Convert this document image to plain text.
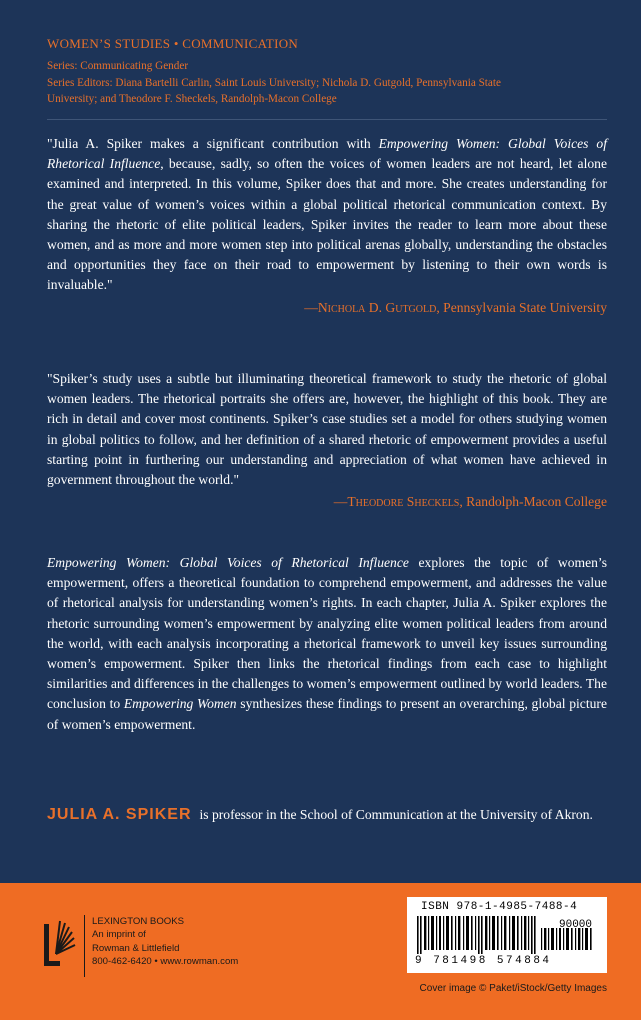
WOMEN’S STUDIES • COMMUNICATION

Series: Communicating Gender

Series Editors: Diana Bartelli Carlin, Saint Louis University; Nichola D. Gutgold, Pennsylvania State

University; and Theodore F. Sheckels, Randolph-Macon College

"Julia A. Spiker makes a significant contribution with Empowering Women: Global Voices of Rhetorical Influence, because, sadly, so often the voices of women leaders are not heard, let alone examined and interpreted. In this volume, Spiker does that and more. She creates understanding for the great value of women’s voices within a global political rhetorical communication context. By sharing the rhetoric of elite political leaders, Spiker invites the reader to learn more about these women, and as more and more women step into political arenas globally, understanding the obstacles and opportunities they face on their road to empowerment by listening to their own words is invaluable."

—Nichola D. Gutgold, Pennsylvania State University

"Spiker’s study uses a subtle but illuminating theoretical framework to study the rhetoric of global women leaders. The rhetorical portraits she offers are, however, the highlight of this book. They are rich in detail and cover most continents. Spiker’s case studies set a model for others studying women in global politics to follow, and her definition of a shared rhetoric of empowerment provides a useful starting point in furthering our understanding and appreciation of what women have achieved in government throughout the world."

—Theodore Sheckels, Randolph-Macon College

Empowering Women: Global Voices of Rhetorical Influence explores the topic of women’s empowerment, offers a theoretical foundation to comprehend empowerment, and addresses the value of rhetorical analysis for understanding women’s rights. In each chapter, Julia A. Spiker explores the rhetoric surrounding women’s empowerment by analyzing elite women political leaders from around the world, with each analysis incorporating a rhetorical framework to unveil key issues surrounding women’s empowerment. Spiker then links the rhetorical findings from each case to highlight similarities and differences in the challenges to women’s empowerment outlined by world leaders. The conclusion to Empowering Women synthesizes these findings to present an overarching, global picture of women’s empowerment.

JULIA A. SPIKER is professor in the School of Communication at the University of Akron.
LEXINGTON BOOKS
An imprint of
Rowman & Littlefield
800-462-6420 • www.rowman.com
ISBN 978-1-4985-7488-4
90000
9 781498 574884
Cover image © Paket/iStock/Getty Images
